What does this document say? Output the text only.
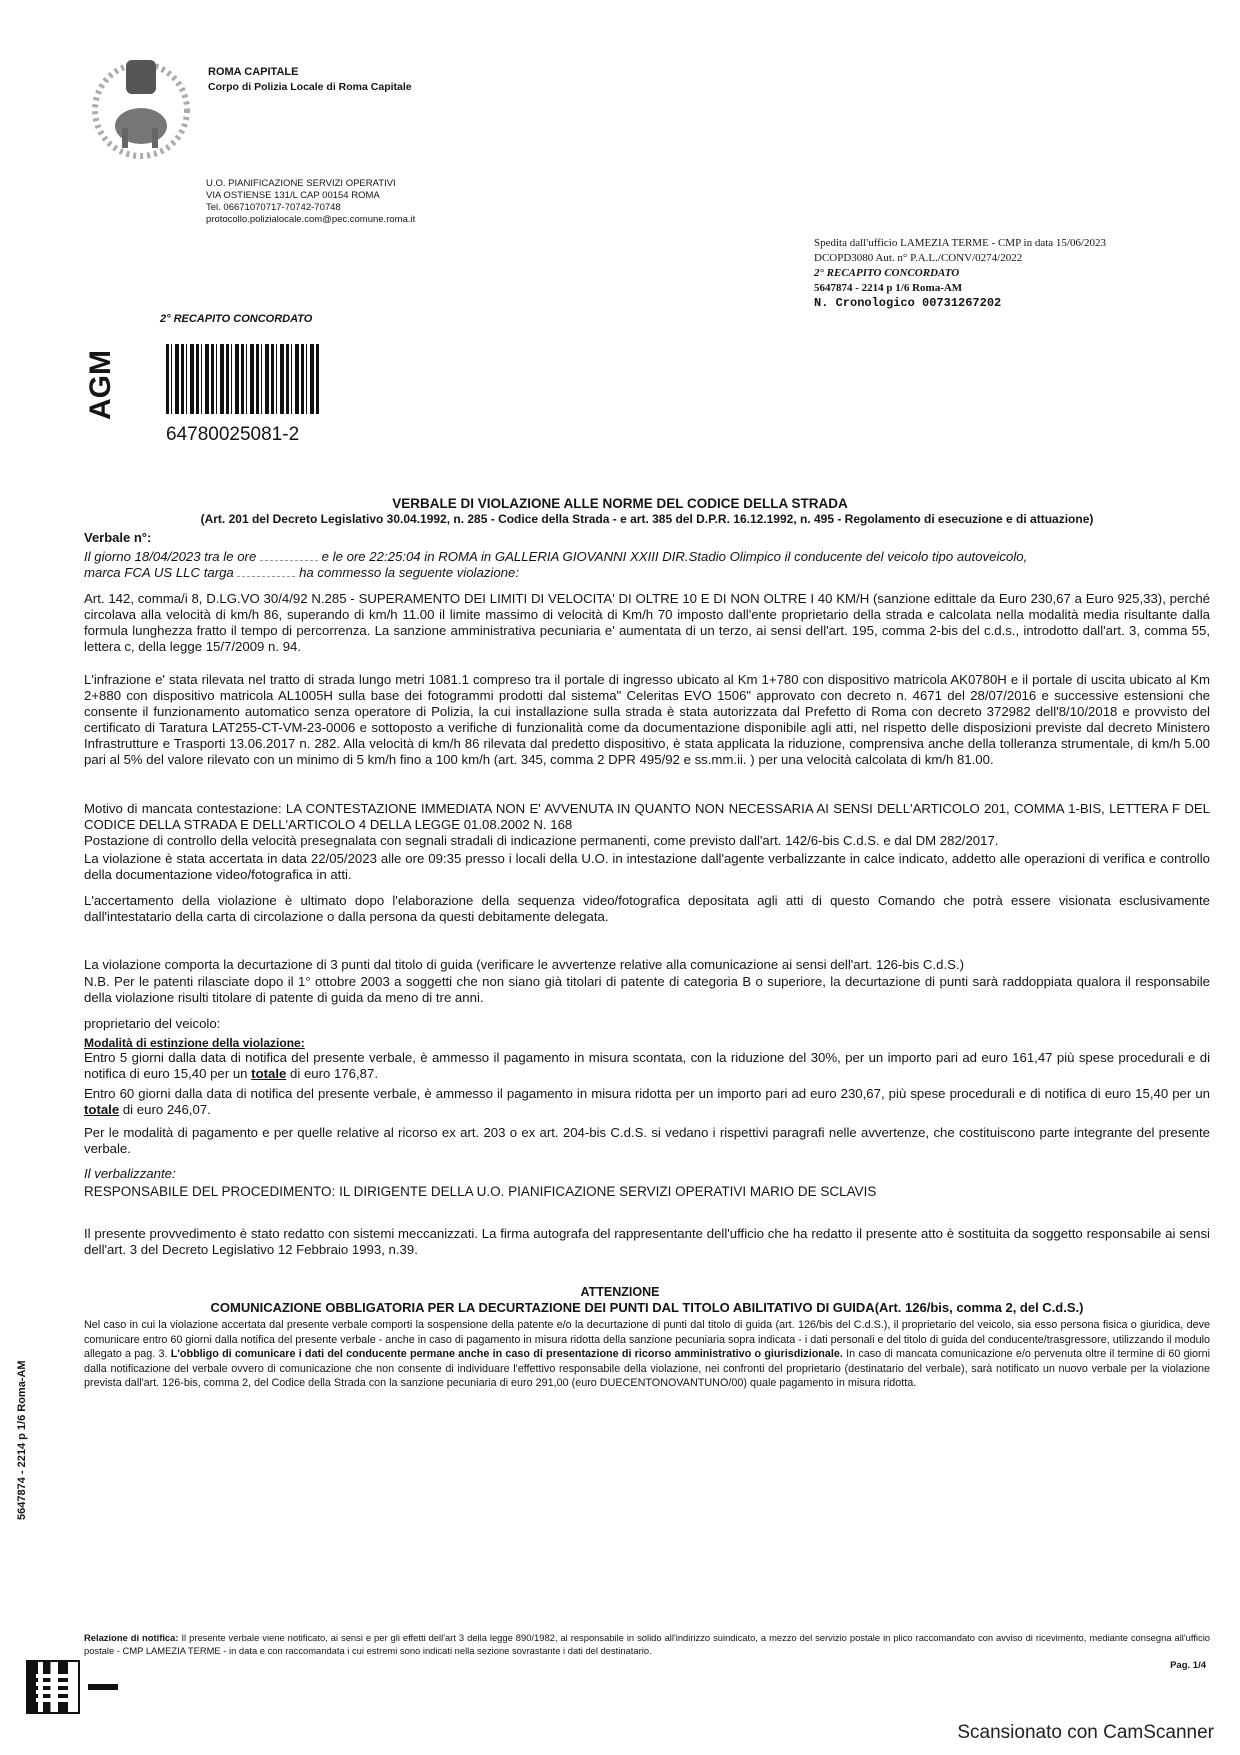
ROMA CAPITALE
Corpo di Polizia Locale di Roma Capitale
U.O. PIANIFICAZIONE SERVIZI OPERATIVI
VIA OSTIENSE 131/L CAP 00154 ROMA
Tel. 06671070717-70742-70748
protocollo.polizialocale.com@pec.comune.roma.it
Spedita dall'ufficio LAMEZIA TERME - CMP in data 15/06/2023
DCOPD3080 Aut. n° P.A.L./CONV/0274/2022
2° RECAPITO CONCORDATO
5647874 - 2214 p 1/6 Roma-AM
N. Cronologico 00731267202
2° RECAPITO CONCORDATO
AGM
64780025081-2
VERBALE DI VIOLAZIONE ALLE NORME DEL CODICE DELLA STRADA
(Art. 201 del Decreto Legislativo 30.04.1992, n. 285 - Codice della Strada - e art. 385 del D.P.R. 16.12.1992, n. 495 - Regolamento di esecuzione e di attuazione)
Verbale n°:
Il giorno 18/04/2023 tra le ore	e le ore 22:25:04 in ROMA in GALLERIA GIOVANNI XXIII DIR.Stadio Olimpico il conducente del veicolo tipo autoveicolo,
marca FCA US LLC targa	ha commesso la seguente violazione:

Art. 142, comma/i 8, D.LG.VO 30/4/92 N.285 - SUPERAMENTO DEI LIMITI DI VELOCITA' DI OLTRE 10 E DI NON OLTRE I 40 KM/H (sanzione edittale da Euro 230,67 a Euro 925,33), perché circolava alla velocità di km/h 86, superando di km/h 11.00 il limite massimo di velocità di Km/h 70 imposto dall'ente proprietario della strada e calcolata nella modalità media risultante dalla formula lunghezza fratto il tempo di percorrenza. La sanzione amministrativa pecuniaria e' aumentata di un terzo, ai sensi dell'art. 195, comma 2-bis del c.d.s., introdotto dall'art. 3, comma 55, lettera c, della legge 15/7/2009 n. 94.

L'infrazione e' stata rilevata nel tratto di strada lungo metri 1081.1 compreso tra il portale di ingresso ubicato al Km 1+780 con dispositivo matricola AK0780H e il portale di uscita ubicato al Km 2+880 con dispositivo matricola AL1005H sulla base dei fotogrammi prodotti dal sistema" Celeritas EVO 1506" approvato con decreto n. 4671 del 28/07/2016 e successive estensioni che consente il funzionamento automatico senza operatore di Polizia, la cui installazione sulla strada è stata autorizzata dal Prefetto di Roma con decreto 372982 dell'8/10/2018 e provvisto del certificato di Taratura LAT255-CT-VM-23-0006 e sottoposto a verifiche di funzionalità come da documentazione disponibile agli atti, nel rispetto delle disposizioni previste dal decreto Ministero Infrastrutture e Trasporti 13.06.2017 n. 282. Alla velocità di km/h 86 rilevata dal predetto dispositivo, è stata applicata la riduzione, comprensiva anche della tolleranza strumentale, di km/h 5.00 pari al 5% del valore rilevato con un minimo di 5 km/h fino a 100 km/h (art. 345, comma 2 DPR 495/92 e ss.mm.ii. ) per una velocità calcolata di km/h 81.00.

Motivo di mancata contestazione: LA CONTESTAZIONE IMMEDIATA NON E' AVVENUTA IN QUANTO NON NECESSARIA AI SENSI DELL'ARTICOLO 201, COMMA 1-BIS, LETTERA F DEL CODICE DELLA STRADA E DELL'ARTICOLO 4 DELLA LEGGE 01.08.2002 N. 168

Postazione di controllo della velocità presegnalata con segnali stradali di indicazione permanenti, come previsto dall'art. 142/6-bis C.d.S. e dal DM 282/2017.

La violazione è stata accertata in data 22/05/2023 alle ore 09:35 presso i locali della U.O. in intestazione dall'agente verbalizzante in calce indicato, addetto alle operazioni di verifica e controllo della documentazione video/fotografica in atti.

L'accertamento della violazione è ultimato dopo l'elaborazione della sequenza video/fotografica depositata agli atti di questo Comando che potrà essere visionata esclusivamente dall'intestatario della carta di circolazione o dalla persona da questi debitamente delegata.

La violazione comporta la decurtazione di 3 punti dal titolo di guida (verificare le avvertenze relative alla comunicazione ai sensi dell'art. 126-bis C.d.S.)

N.B. Per le patenti rilasciate dopo il 1° ottobre 2003 a soggetti che non siano già titolari di patente di categoria B o superiore, la decurtazione di punti sarà raddoppiata qualora il responsabile della violazione risulti titolare di patente di guida da meno di tre anni.

proprietario del veicolo:
Modalità di estinzione della violazione:

Entro 5 giorni dalla data di notifica del presente verbale, è ammesso il pagamento in misura scontata, con la riduzione del 30%, per un importo pari ad euro 161,47 più spese procedurali e di notifica di euro 15,40 per un totale di euro 176,87.

Entro 60 giorni dalla data di notifica del presente verbale, è ammesso il pagamento in misura ridotta per un importo pari ad euro 230,67, più spese procedurali e di notifica di euro 15,40 per un totale di euro 246,07.

Per le modalità di pagamento e per quelle relative al ricorso ex art. 203 o ex art. 204-bis C.d.S. si vedano i rispettivi paragrafi nelle avvertenze, che costituiscono parte integrante del presente verbale.

Il verbalizzante:
RESPONSABILE DEL PROCEDIMENTO: IL DIRIGENTE DELLA U.O. PIANIFICAZIONE SERVIZI OPERATIVI MARIO DE SCLAVIS

Il presente provvedimento è stato redatto con sistemi meccanizzati. La firma autografa del rappresentante dell'ufficio che ha redatto il presente atto è sostituita da soggetto responsabile ai sensi dell'art. 3 del Decreto Legislativo 12 Febbraio 1993, n.39.

ATTENZIONE
COMUNICAZIONE OBBLIGATORIA PER LA DECURTAZIONE DEI PUNTI DAL TITOLO ABILITATIVO DI GUIDA(Art. 126/bis, comma 2, del C.d.S.)

Nel caso in cui la violazione accertata dal presente verbale comporti la sospensione della patente e/o la decurtazione di punti dal titolo di guida (art. 126/bis del C.d.S.), il proprietario del veicolo, sia esso persona fisica o giuridica, deve comunicare entro 60 giorni dalla notifica del presente verbale - anche in caso di pagamento in misura ridotta della sanzione pecuniaria sopra indicata - i dati personali e del titolo di guida del conducente/trasgressore, utilizzando il modulo allegato a pag. 3. L'obbligo di comunicare i dati del conducente permane anche in caso di presentazione di ricorso amministrativo o giurisdizionale. In caso di mancata comunicazione e/o pervenuta oltre il termine di 60 giorni dalla notificazione del verbale ovvero di comunicazione che non consente di individuare l'effettivo responsabile della violazione, nei confronti del proprietario (destinatario del verbale), sarà notificato un nuovo verbale per la violazione prevista dall'art. 126-bis, comma 2, del Codice della Strada con la sanzione pecuniaria di euro 291,00 (euro DUECENTONOVANTUNO/00) quale pagamento in misura ridotta.

5647874 - 2214 p 1/6 Roma-AM

Relazione di notifica: Il presente verbale viene notificato, ai sensi e per gli effetti dell'art 3 della legge 890/1982, al responsabile in solido all'indirizzo suindicato, a mezzo del servizio postale in plico raccomandato con avviso di ricevimento, mediante consegna all'ufficio postale - CMP LAMEZIA TERME - in data e con raccomandata i cui estremi sono indicati nella sezione sovrastante i dati del destinatario.

Pag. 1/4
Scansionato con CamScanner
